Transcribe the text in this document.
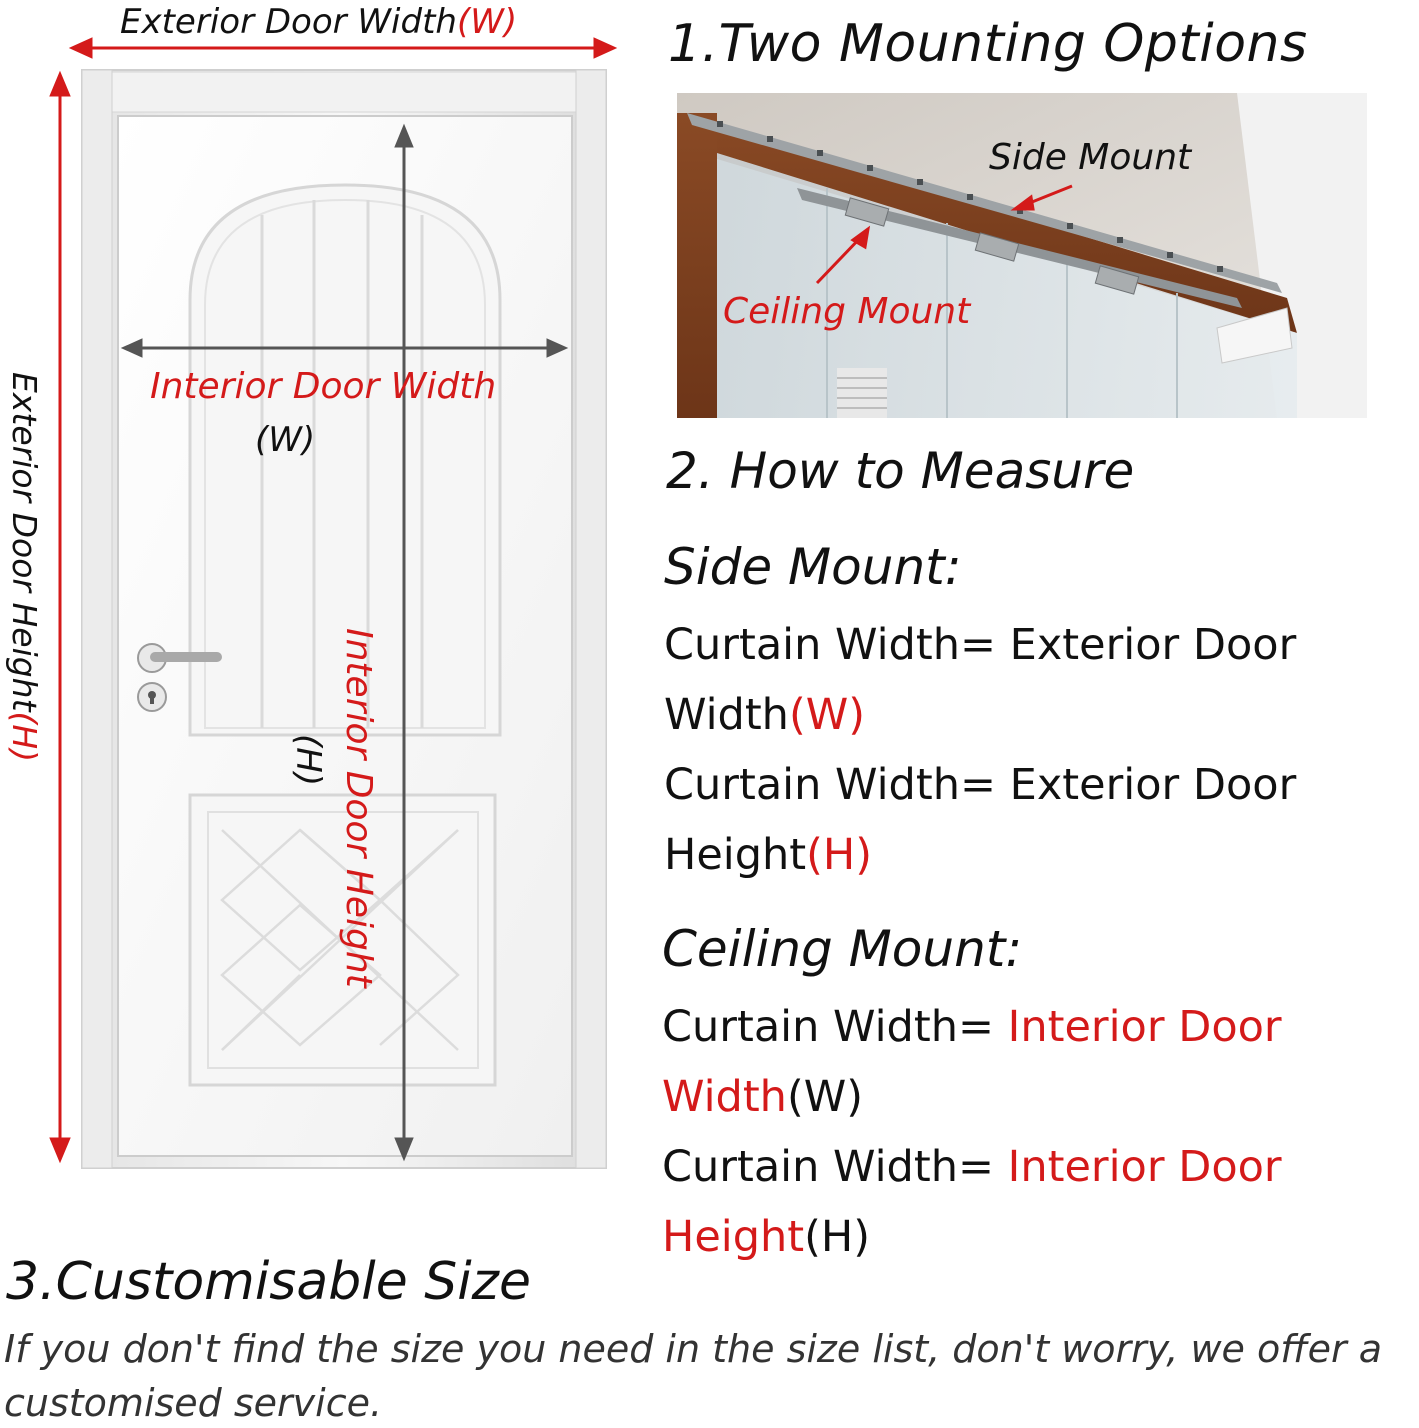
Exterior Door Width(W)
Exterior Door Height(H)
Interior Door Width
(W)
Interior Door Height
(H)
1.Two Mounting Options
Side Mount
Ceiling Mount
2. How to Measure
Side Mount:
Curtain Width= Exterior Door
Width(W)
Curtain Width= Exterior Door
Height(H)
Ceiling Mount:
Curtain Width= Interior Door
Width(W)
Curtain Width= Interior Door
Height(H)
3.Customisable Size
If you don't find the size you need in the size list, don't worry, we offer a customised service.
